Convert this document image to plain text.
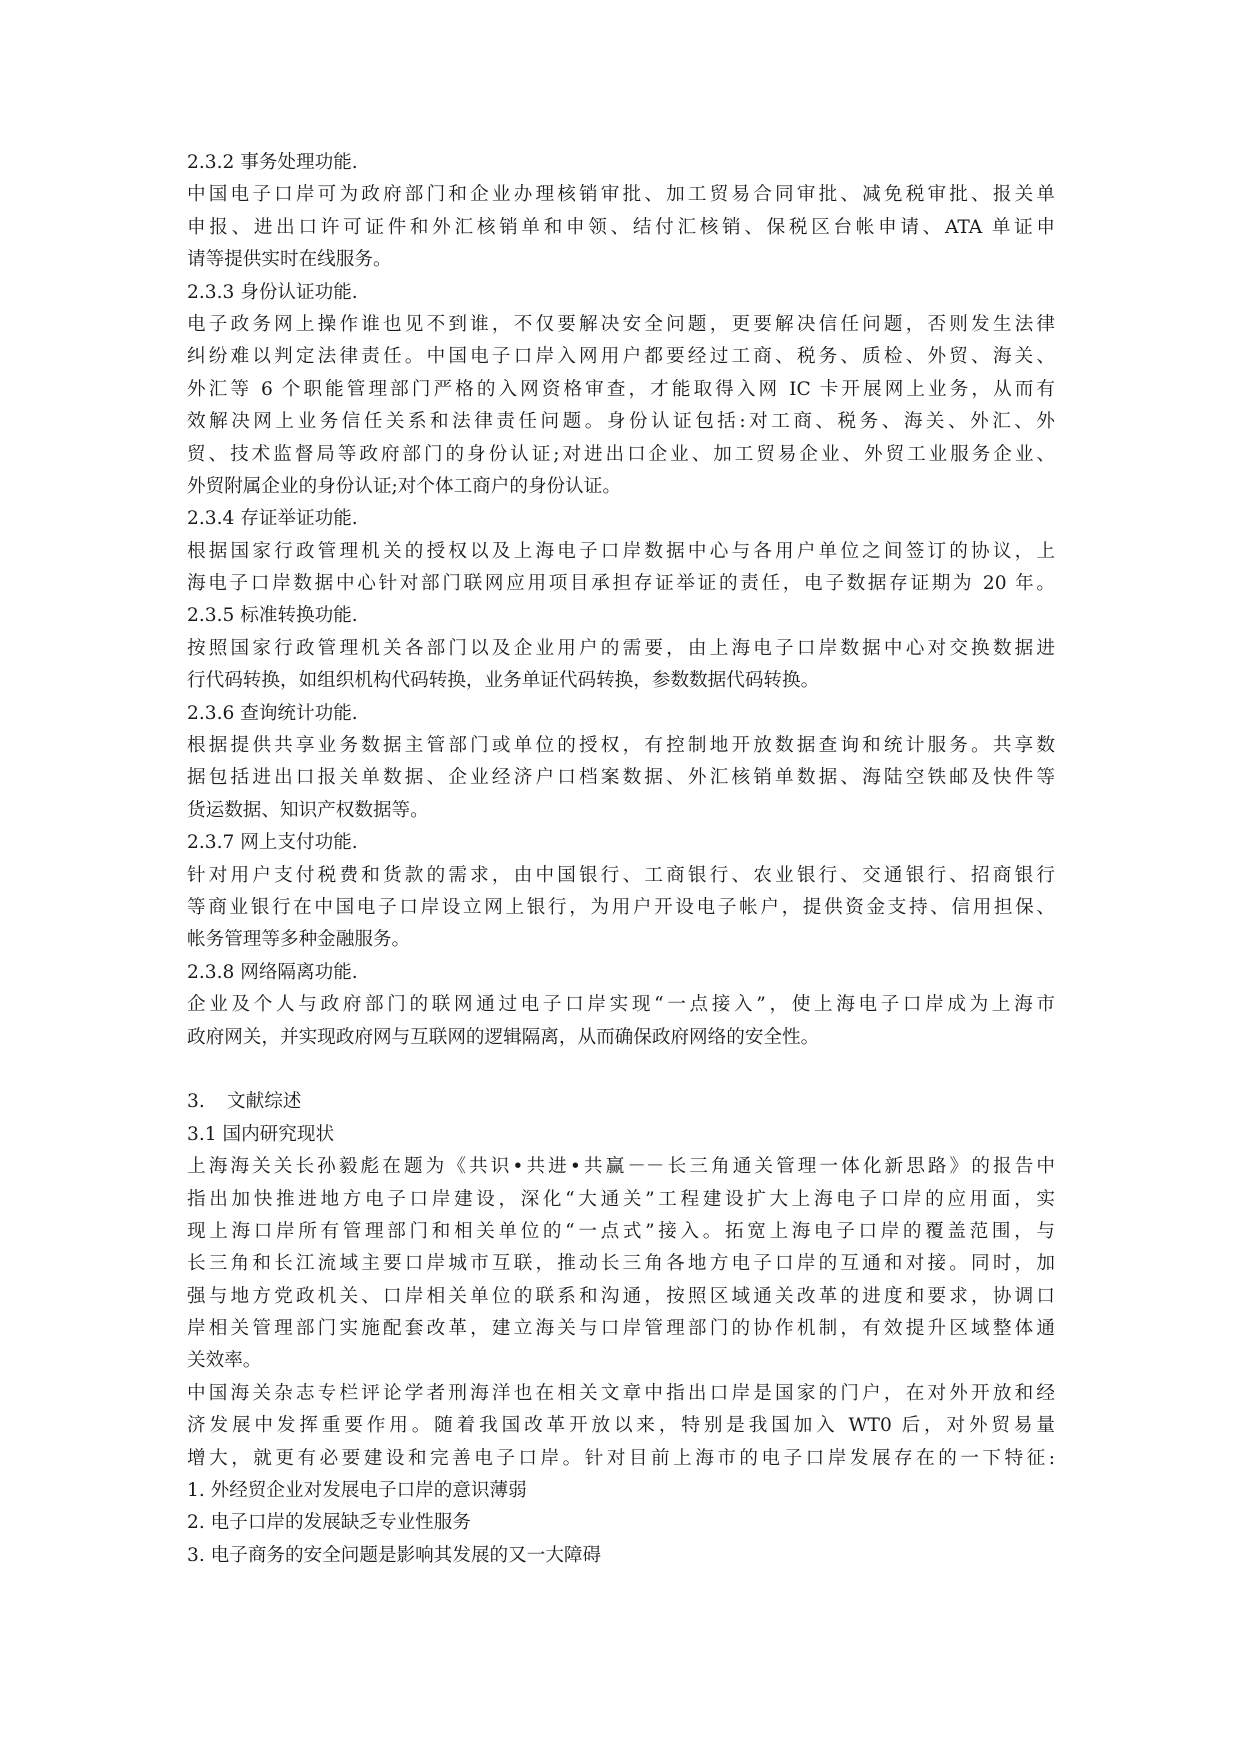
2.3.2 事务处理功能.
中国电子口岸可为政府部门和企业办理核销审批、加工贸易合同审批、减免税审批、报关单
申报、进出口许可证件和外汇核销单和申领、结付汇核销、保税区台帐申请、ATA 单证申
请等提供实时在线服务。
2.3.3 身份认证功能.
电子政务网上操作谁也见不到谁，不仅要解决安全问题，更要解决信任问题，否则发生法律
纠纷难以判定法律责任。中国电子口岸入网用户都要经过工商、税务、质检、外贸、海关、
外汇等 6 个职能管理部门严格的入网资格审查，才能取得入网 IC 卡开展网上业务，从而有
效解决网上业务信任关系和法律责任问题。身份认证包括:对工商、税务、海关、外汇、外
贸、技术监督局等政府部门的身份认证;对进出口企业、加工贸易企业、外贸工业服务企业、
外贸附属企业的身份认证;对个体工商户的身份认证。
2.3.4 存证举证功能.
根据国家行政管理机关的授权以及上海电子口岸数据中心与各用户单位之间签订的协议，上
海电子口岸数据中心针对部门联网应用项目承担存证举证的责任，电子数据存证期为 20 年。
2.3.5 标准转换功能.
按照国家行政管理机关各部门以及企业用户的需要，由上海电子口岸数据中心对交换数据进
行代码转换，如组织机构代码转换，业务单证代码转换，参数数据代码转换。
2.3.6 查询统计功能.
根据提供共享业务数据主管部门或单位的授权，有控制地开放数据查询和统计服务。共享数
据包括进出口报关单数据、企业经济户口档案数据、外汇核销单数据、海陆空铁邮及快件等
货运数据、知识产权数据等。
2.3.7 网上支付功能.
针对用户支付税费和货款的需求，由中国银行、工商银行、农业银行、交通银行、招商银行
等商业银行在中国电子口岸设立网上银行，为用户开设电子帐户，提供资金支持、信用担保、
帐务管理等多种金融服务。
2.3.8 网络隔离功能.
企业及个人与政府部门的联网通过电子口岸实现“一点接入”，使上海电子口岸成为上海市
政府网关，并实现政府网与互联网的逻辑隔离，从而确保政府网络的安全性。
3.	文献综述
3.1 国内研究现状
上海海关关长孙毅彪在题为《共识•共进•共赢－－长三角通关管理一体化新思路》的报告中
指出加快推进地方电子口岸建设，深化“大通关”工程建设扩大上海电子口岸的应用面，实
现上海口岸所有管理部门和相关单位的“一点式”接入。拓宽上海电子口岸的覆盖范围，与
长三角和长江流域主要口岸城市互联，推动长三角各地方电子口岸的互通和对接。同时，加
强与地方党政机关、口岸相关单位的联系和沟通，按照区域通关改革的进度和要求，协调口
岸相关管理部门实施配套改革，建立海关与口岸管理部门的协作机制，有效提升区域整体通
关效率。
中国海关杂志专栏评论学者刑海洋也在相关文章中指出口岸是国家的门户，在对外开放和经
济发展中发挥重要作用。随着我国改革开放以来，特别是我国加入 WT0 后，对外贸易量
增大，就更有必要建设和完善电子口岸。针对目前上海市的电子口岸发展存在的一下特征:
1. 外经贸企业对发展电子口岸的意识薄弱
2. 电子口岸的发展缺乏专业性服务
3. 电子商务的安全问题是影响其发展的又一大障碍
